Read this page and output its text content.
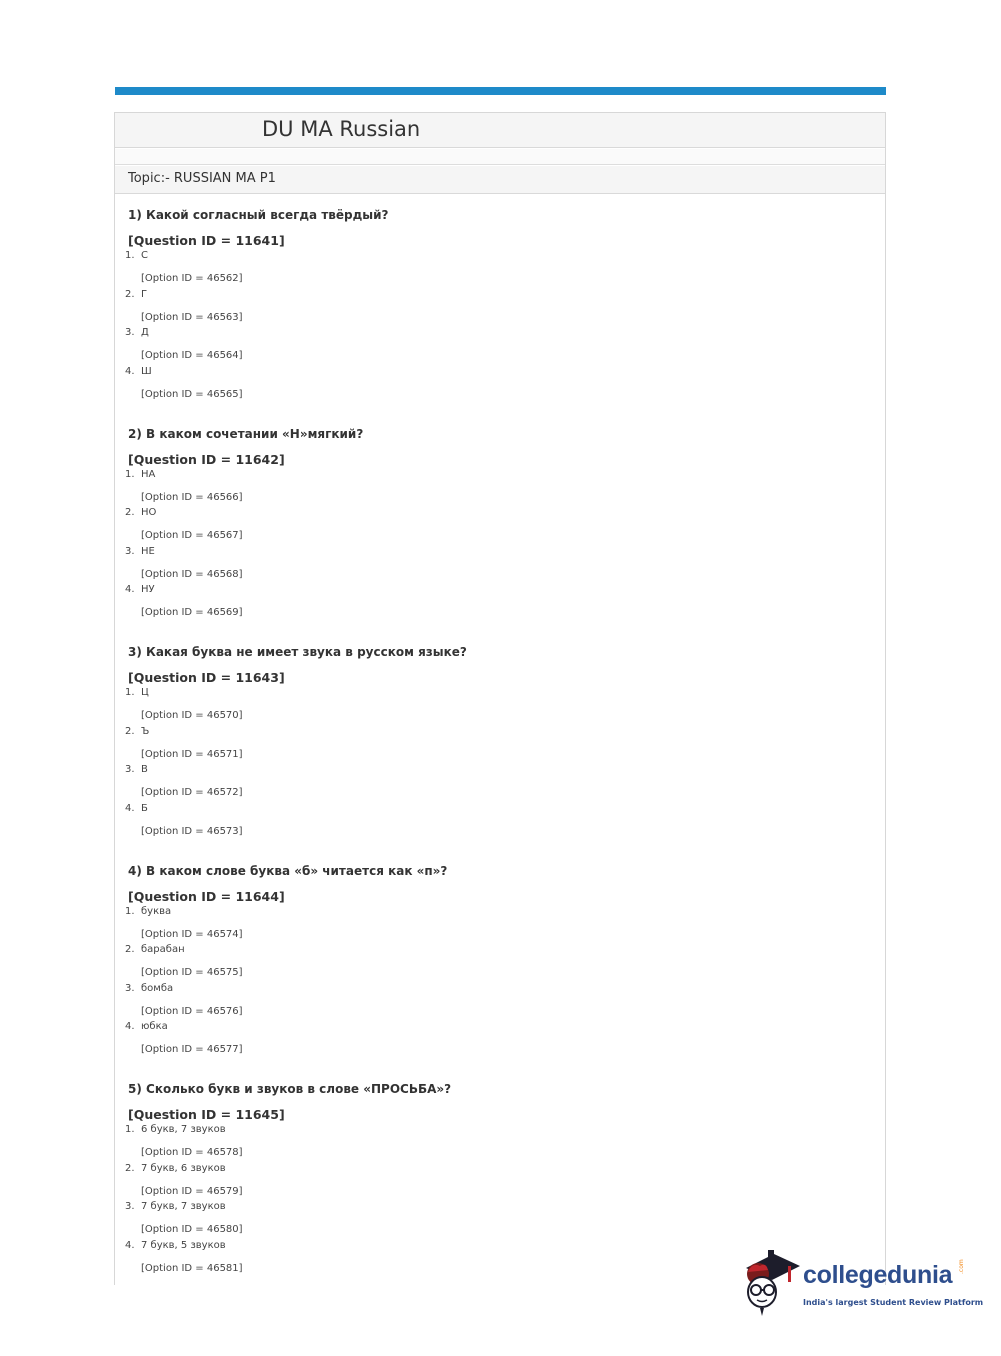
DU MA Russian
Topic:- RUSSIAN MA P1
1) Какой согласный всегда твёрдый?
[Question ID = 11641]
1. С
[Option ID = 46562]
2. Г
[Option ID = 46563]
3. Д
[Option ID = 46564]
4. Ш
[Option ID = 46565]
2) В каком сочетании «Н»мягкий?
[Question ID = 11642]
1. НА
[Option ID = 46566]
2. НО
[Option ID = 46567]
3. НЕ
[Option ID = 46568]
4. НУ
[Option ID = 46569]
3) Какая буква не имеет звука в русском языке?
[Question ID = 11643]
1. Ц
[Option ID = 46570]
2. Ъ
[Option ID = 46571]
3. В
[Option ID = 46572]
4. Б
[Option ID = 46573]
4) В каком слове буква «б» читается как «п»?
[Question ID = 11644]
1. буква
[Option ID = 46574]
2. барабан
[Option ID = 46575]
3. бомба
[Option ID = 46576]
4. юбка
[Option ID = 46577]
5) Сколько букв и звуков в слове «ПРОСЬБА»?
[Question ID = 11645]
1. 6 букв, 7 звуков
[Option ID = 46578]
2. 7 букв, 6 звуков
[Option ID = 46579]
3. 7 букв, 7 звуков
[Option ID = 46580]
4. 7 букв, 5 звуков
[Option ID = 46581]	collegedunia .com
India's largest Student Review Platform
